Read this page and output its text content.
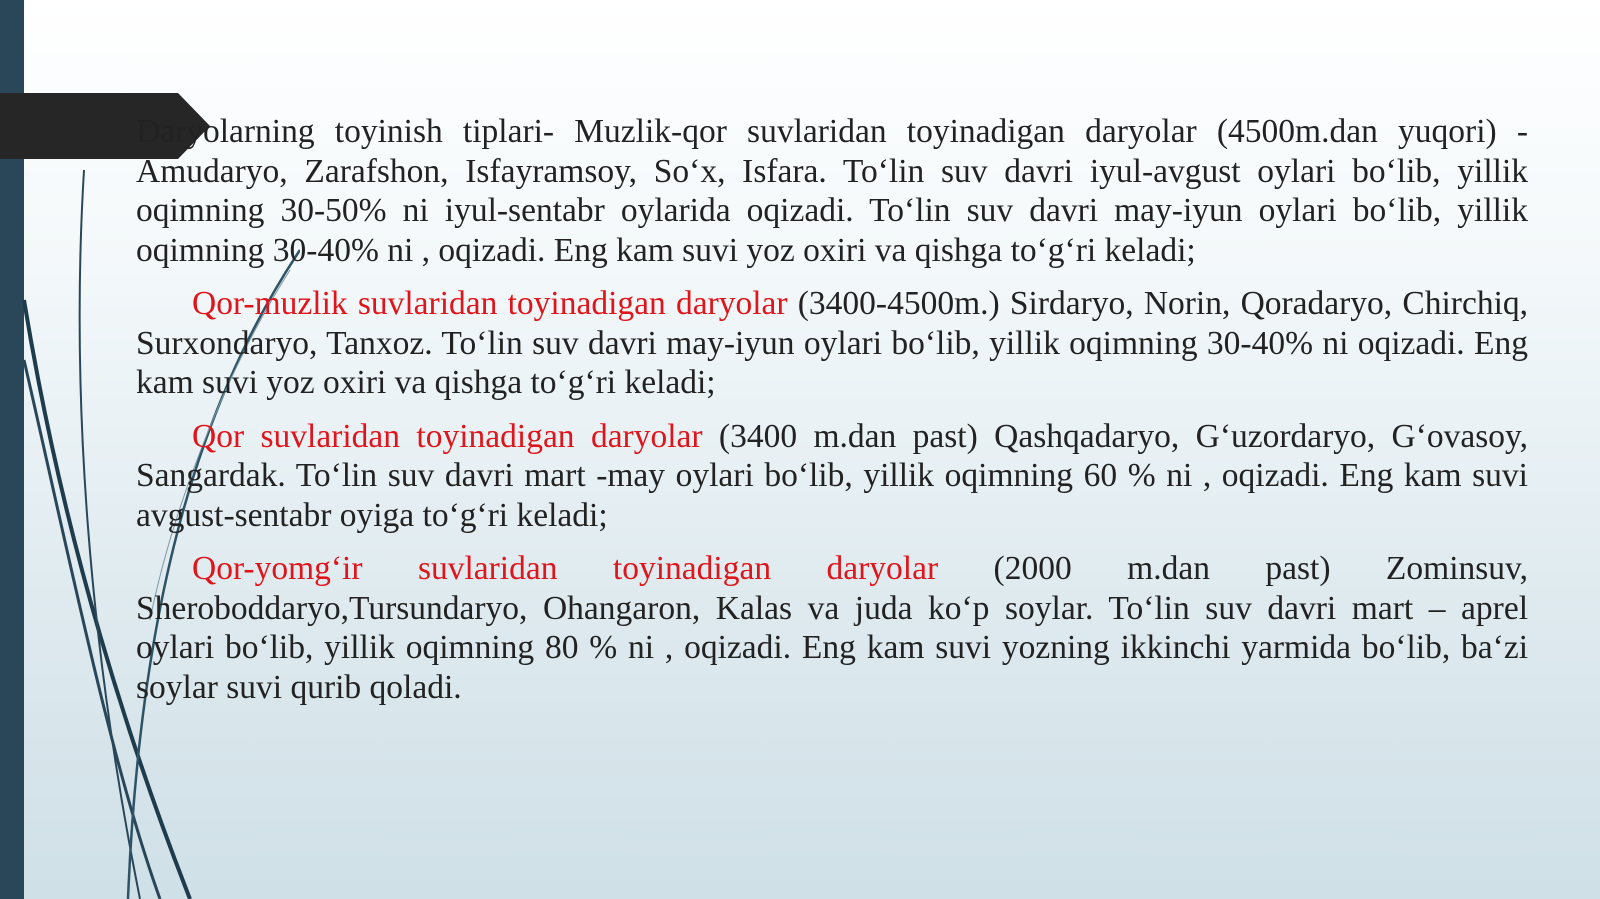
Daryolarning toyinish tiplari- Muzlik-qor suvlaridan toyinadigan daryolar (4500m.dan yuqori) -Amudaryo, Zarafshon, Isfayramsoy, So‘x, Isfara. To‘lin suv davri iyul-avgust oylari bo‘lib, yillik oqimning 30-50% ni iyul-sentabr oylarida oqizadi. To‘lin suv davri may-iyun oylari bo‘lib, yillik oqimning 30-40% ni , oqizadi. Eng kam suvi yoz oxiri va qishga to‘g‘ri keladi;

Qor-muzlik suvlaridan toyinadigan daryolar (3400-4500m.) Sirdaryo, Norin, Qoradaryo, Chirchiq, Surxondaryo, Tanxoz. To‘lin suv davri may-iyun oylari bo‘lib, yillik oqimning 30-40% ni oqizadi. Eng kam suvi yoz oxiri va qishga to‘g‘ri keladi;

Qor suvlaridan toyinadigan daryolar (3400 m.dan past) Qashqadaryo, G‘uzordaryo, G‘ovasoy, Sangardak. To‘lin suv davri mart -may oylari bo‘lib, yillik oqimning 60 % ni , oqizadi. Eng kam suvi avgust-sentabr oyiga to‘g‘ri keladi;

Qor-yomg‘ir suvlaridan toyinadigan daryolar (2000 m.dan past) Zominsuv, Sheroboddaryo,Tursundaryo, Ohangaron, Kalas va juda ko‘p soylar. To‘lin suv davri mart – aprel oylari bo‘lib, yillik oqimning 80 % ni , oqizadi. Eng kam suvi yozning ikkinchi yarmida bo‘lib, ba‘zi soylar suvi qurib qoladi.
